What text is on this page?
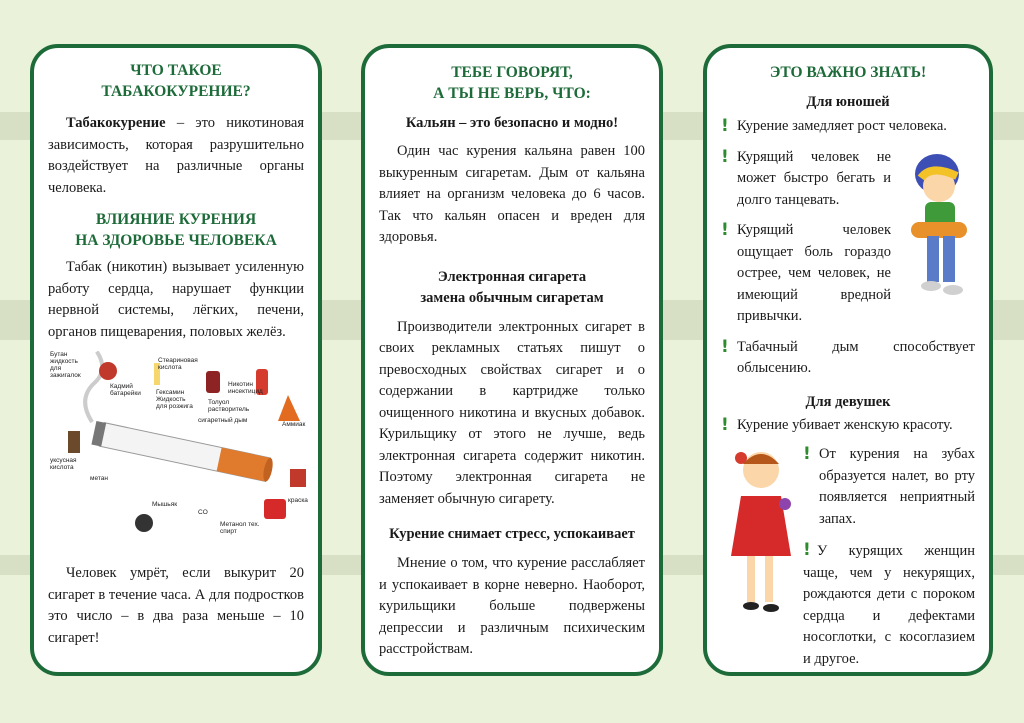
ЧТО ТАКОЕ ТАБАКОКУРЕНИЕ?

Табакокурение – это никотиновая зависимость, которая разрушительно воздействует на различные органы человека.

ВЛИЯНИЕ КУРЕНИЯ
НА ЗДОРОВЬЕ ЧЕЛОВЕКА

Табак (никотин) вызывает усиленную работу сердца, нарушает функции нервной системы, лёгких, печени, органов пищеварения, половых желёз.

Бутан жидкость для зажигалок
Кадмий батарейки
Стеариновая кислота
Гексамин Жидкость для розжига
Толуол растворитель
Никотин инсектицид
сигаретный дым
Аммиак
уксусная кислота
метан
Мышьяк
CO
Метанол тех. спирт
краска

Человек умрёт, если выкурит 20 сигарет в течение часа. А для подростков это число – в два раза меньше – 10 сигарет!

ТЕБЕ ГОВОРЯТ,
А ТЫ НЕ ВЕРЬ, ЧТО:
Кальян – это безопасно и модно!

Один час курения кальяна равен 100 выкуренным сигаретам. Дым от кальяна влияет на организм человека до 6 часов. Так что кальян опасен и вреден для здоровья.

Электронная сигарета
замена обычным сигаретам

Производители электронных сигарет в своих рекламных статьях пишут о превосходных свойствах сигарет и о содержании в картридже только очищенного никотина и вкусных добавок. Курильщику от этого не лучше, ведь электронная сигарета содержит никотин. Поэтому электронная сигарета не заменяет обычную сигарету.

Курение снимает стресс, успокаивает

Мнение о том, что курение расслабляет и успокаивает в корне неверно. Наоборот, курильщики больше подвержены депрессии и различным психическим расстройствам.

ЭТО ВАЖНО ЗНАТЬ!
Для юношей
! Курение замедляет рост человека.

! Курящий человек не может быстро бегать и долго танцевать.

! Курящий человек ощущает боль гораздо острее, чем человек, не имеющий вредной привычки.

! Табачный дым способствует облысению.

Для девушек
! Курение убивает женскую красоту.

! От курения на зубах образуется налет, во рту появляется неприятный запах.

! У курящих женщин чаще, чем у некурящих, рождаются дети с пороком сердца и дефектами носоглотки, с косоглазием и другое.
